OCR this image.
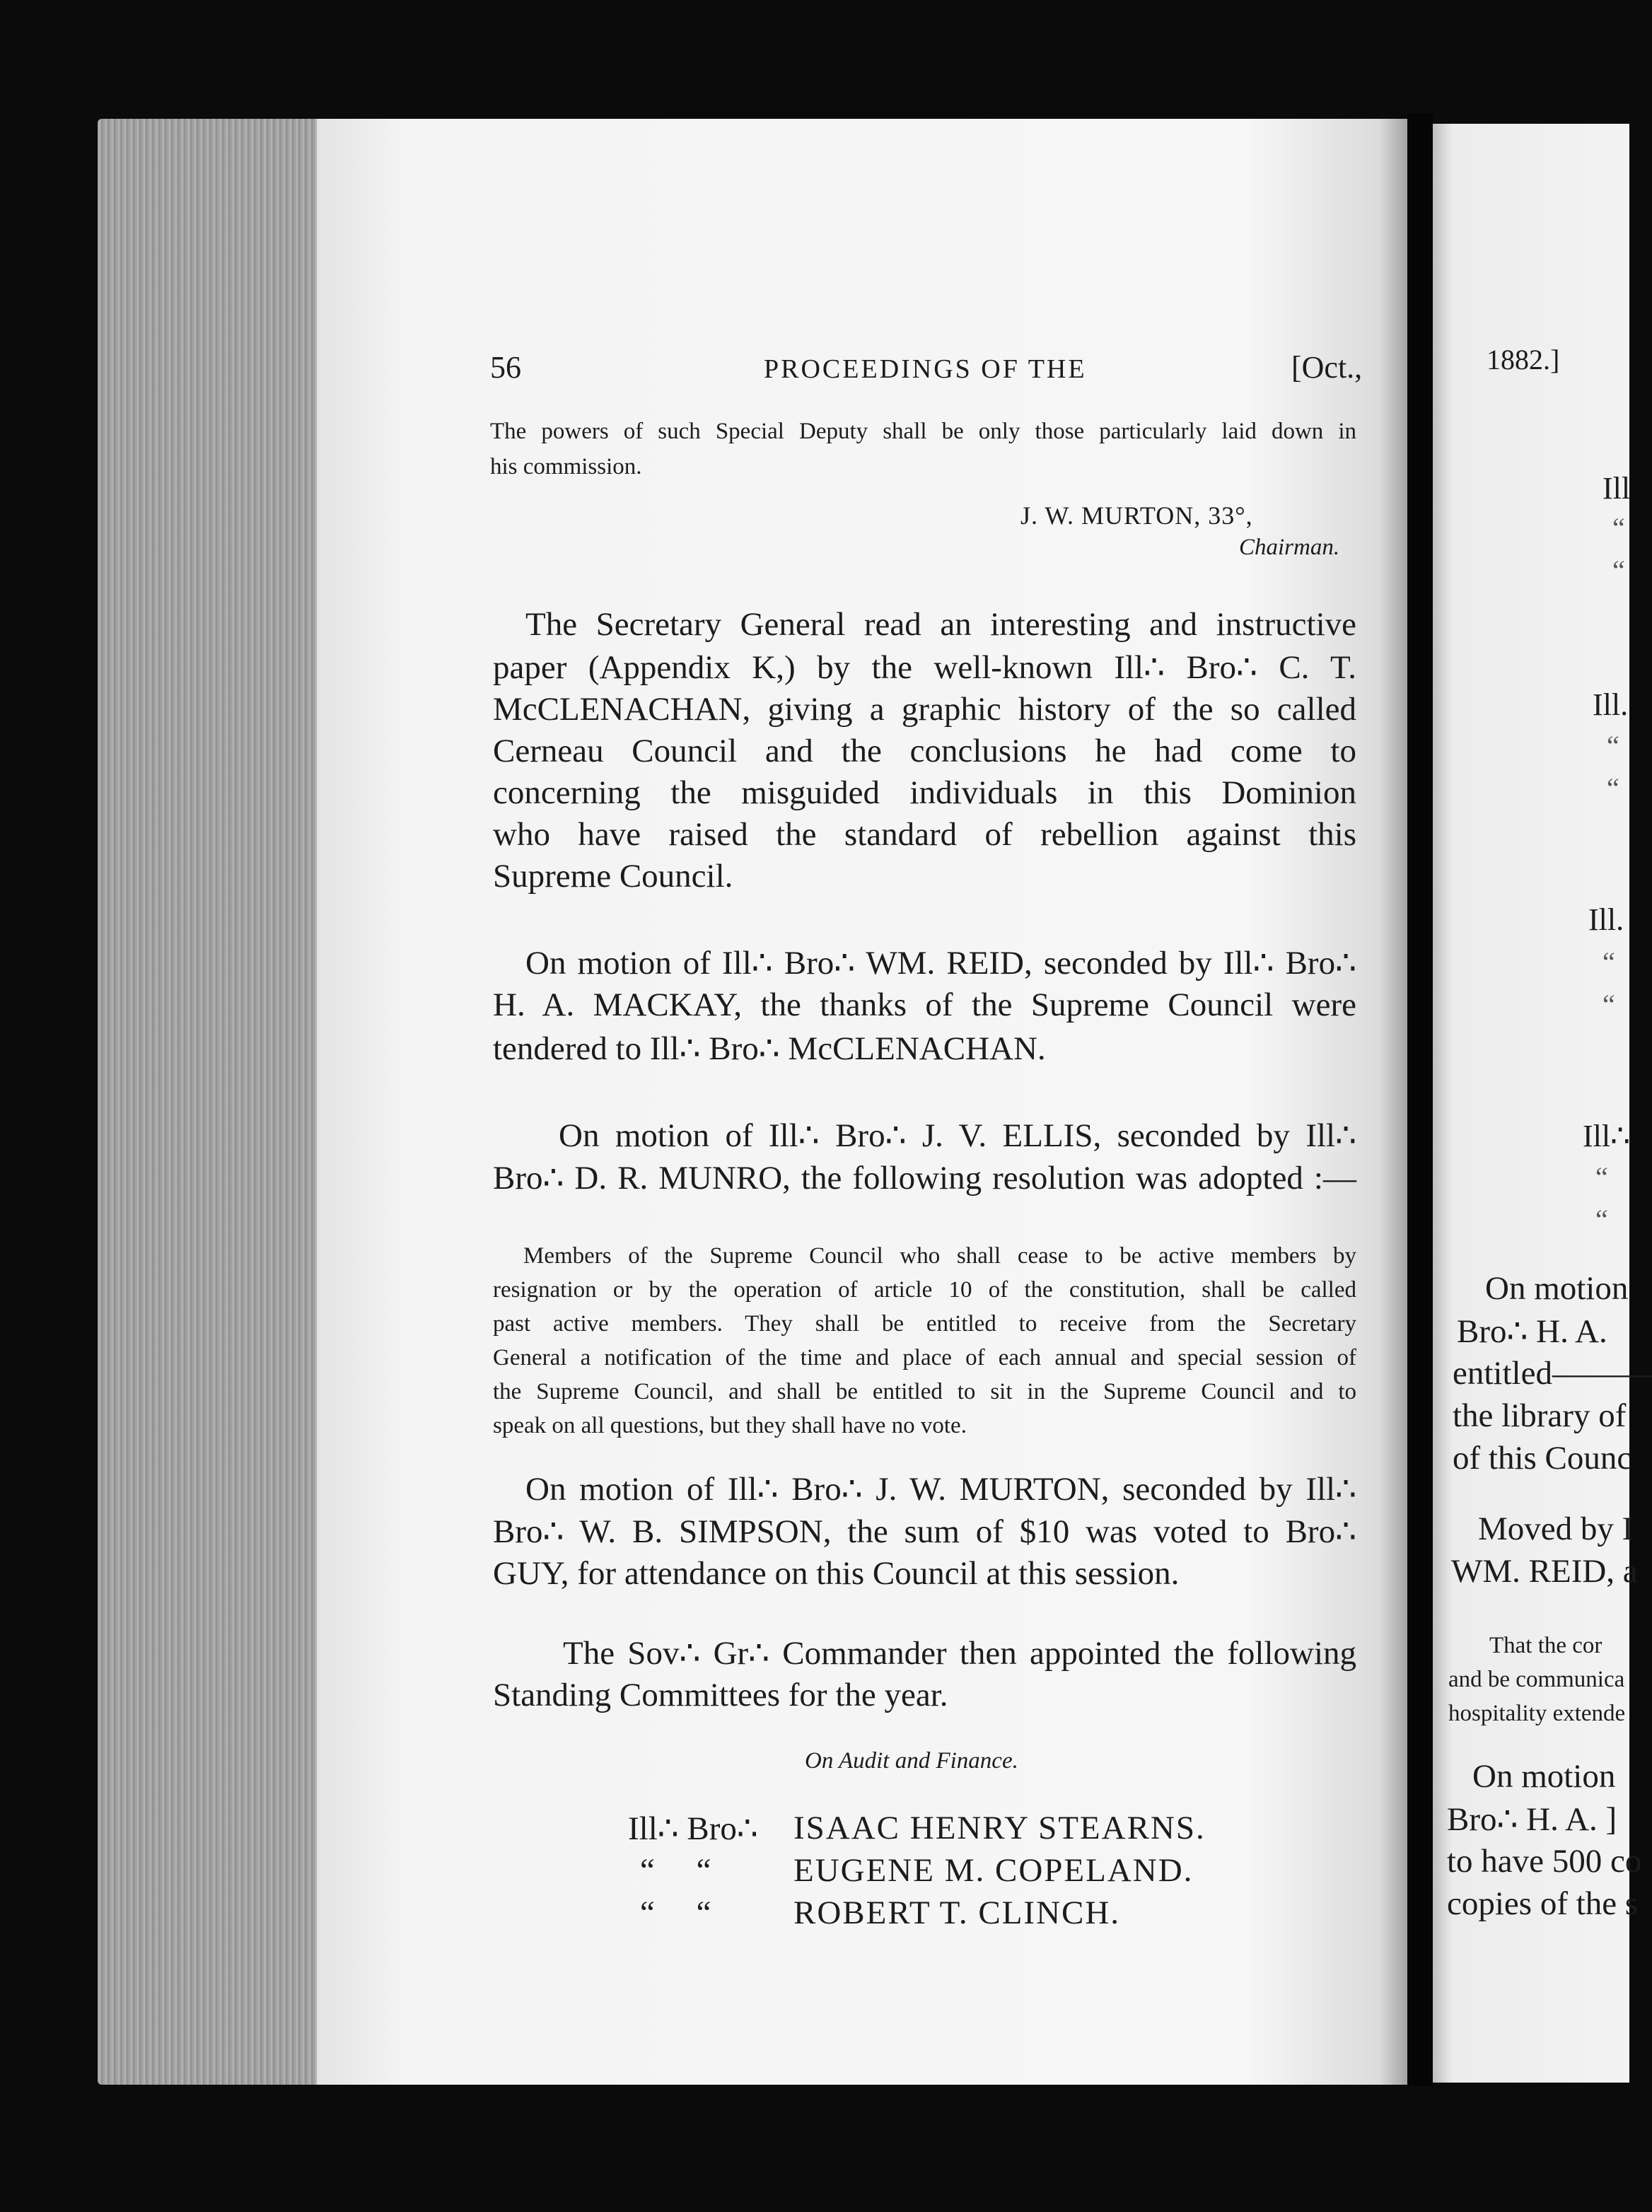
56	PROCEEDINGS OF THE	[Oct.,
The powers of such Special Deputy shall be only those particularly laid down in
his commission.
J. W. MURTON, 33°,
Chairman.
The Secretary General read an interesting and instructive
paper (Appendix K,) by the well-known Ill∴ Bro∴ C. T.
McCLENACHAN, giving a graphic history of the so called
Cerneau Council and the conclusions he had come to
concerning the misguided individuals in this Dominion
who have raised the standard of rebellion against this
Supreme Council.
On motion of Ill∴ Bro∴ WM. REID, seconded by Ill∴ Bro∴
H. A. MACKAY, the thanks of the Supreme Council were
tendered to Ill∴ Bro∴ McCLENACHAN.
On motion of Ill∴ Bro∴ J. V. ELLIS, seconded by Ill∴
Bro∴ D. R. MUNRO, the following resolution was adopted :—
Members of the Supreme Council who shall cease to be active members by
resignation or by the operation of article 10 of the constitution, shall be called
past active members. They shall be entitled to receive from the Secretary
General a notification of the time and place of each annual and special session of
the Supreme Council, and shall be entitled to sit in the Supreme Council and to
speak on all questions, but they shall have no vote.
On motion of Ill∴ Bro∴ J. W. MURTON, seconded by Ill∴
Bro∴ W. B. SIMPSON, the sum of $10 was voted to Bro∴
GUY, for attendance on this Council at this session.
The Sov∴ Gr∴ Commander then appointed the following
Standing Committees for the year.
On Audit and Finance.
Ill∴ Bro∴ ISAAC HENRY STEARNS.
“     “	EUGENE M. COPELAND.
“     “	ROBERT T. CLINCH.
1882.]
Ill
“
“
Ill.
“
“
Ill.
“
“
Ill∴
“
“
On motion
Bro∴ H. A.
entitled———
the library of
of this Counc
Moved by I
WM. REID, a
That the cor
and be communica
hospitality extende
On motion
Bro∴ H. A. ]
to have 500 co
copies of the s
